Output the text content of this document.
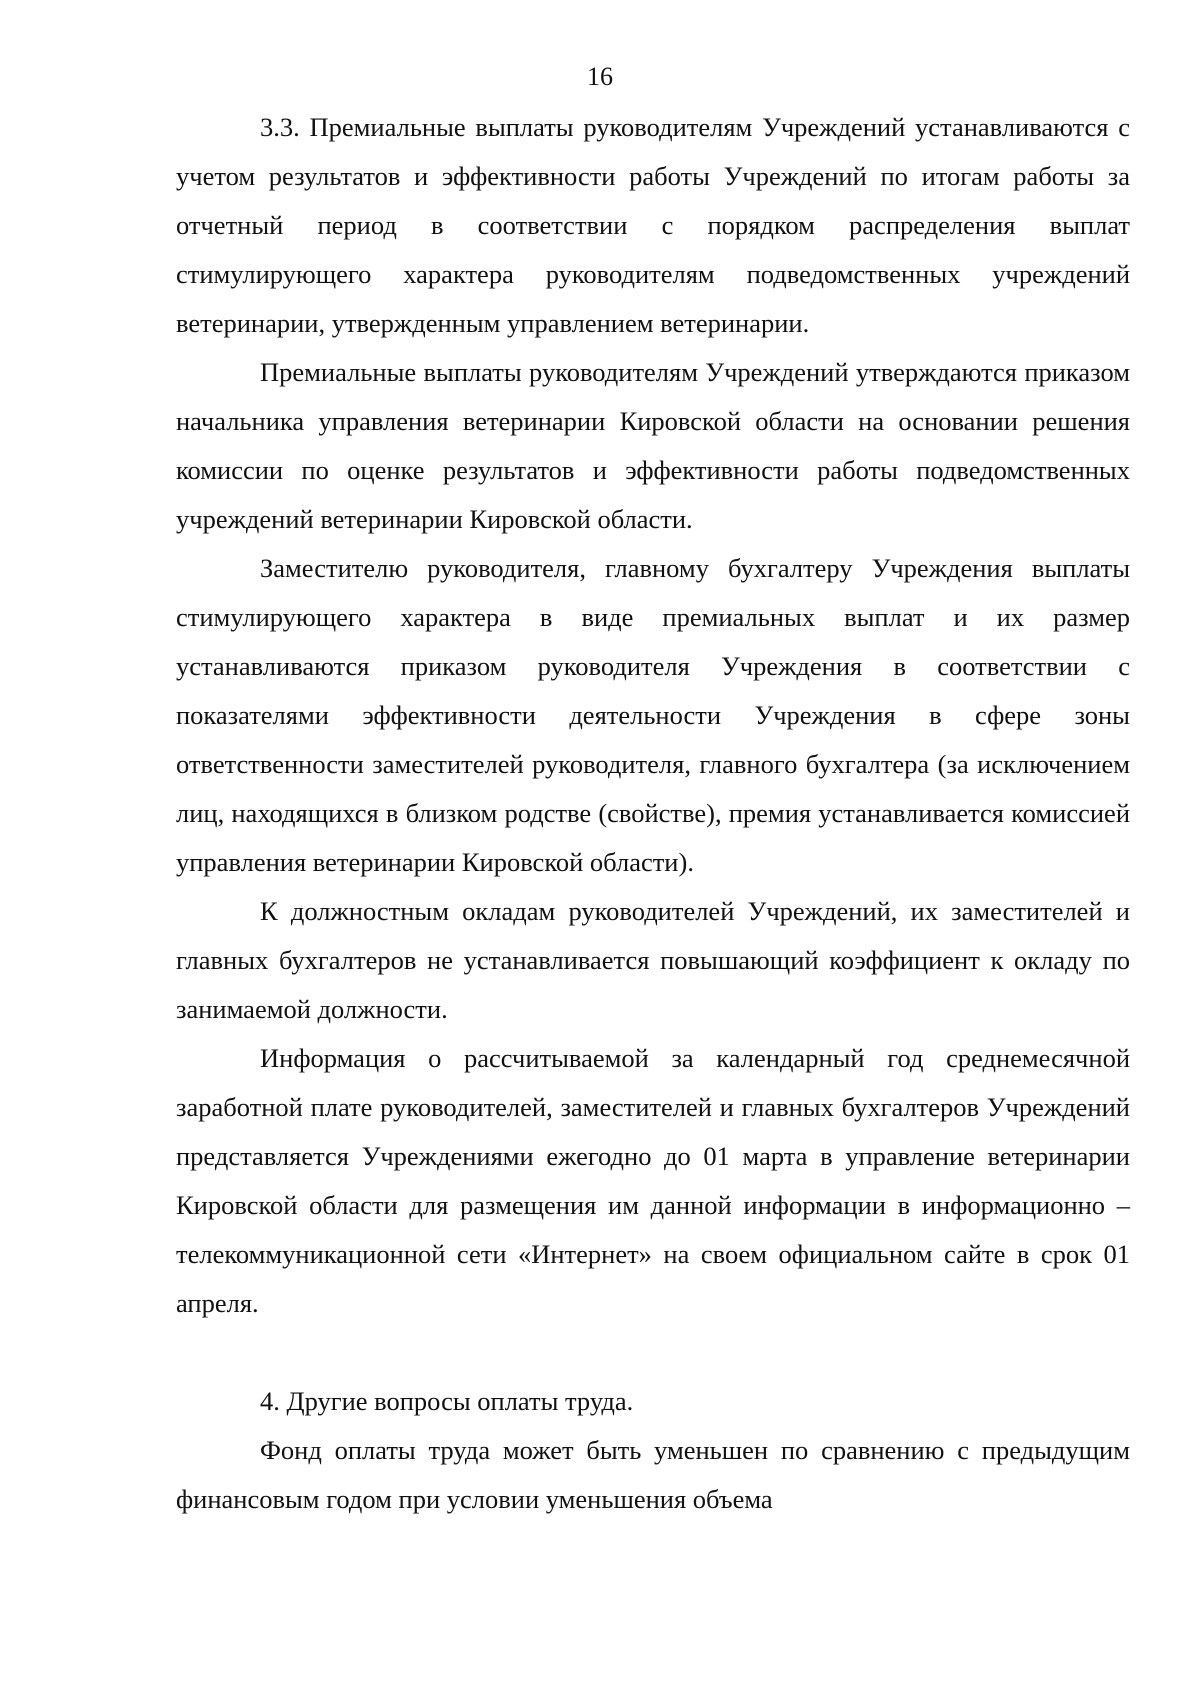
16

3.3. Премиальные выплаты руководителям Учреждений устанавливаются с учетом результатов и эффективности работы Учреждений по итогам работы за отчетный период в соответствии с порядком распределения выплат стимулирующего характера руководителям подведомственных учреждений ветеринарии, утвержденным управлением ветеринарии.

Премиальные выплаты руководителям Учреждений утверждаются приказом начальника управления ветеринарии Кировской области на основании решения комиссии по оценке результатов и эффективности работы подведомственных учреждений ветеринарии Кировской области.

Заместителю руководителя, главному бухгалтеру Учреждения выплаты стимулирующего характера в виде премиальных выплат и их размер устанавливаются приказом руководителя Учреждения в соответствии с показателями эффективности деятельности Учреждения в сфере зоны ответственности заместителей руководителя, главного бухгалтера (за исключением лиц, находящихся в близком родстве (свойстве), премия устанавливается комиссией управления ветеринарии Кировской области).

К должностным окладам руководителей Учреждений, их заместителей и главных бухгалтеров не устанавливается повышающий коэффициент к окладу по занимаемой должности.

Информация о рассчитываемой за календарный год среднемесячной заработной плате руководителей, заместителей и главных бухгалтеров Учреждений представляется Учреждениями ежегодно до 01 марта в управление ветеринарии Кировской области для размещения им данной информации в информационно – телекоммуникационной сети «Интернет» на своем официальном сайте в срок 01 апреля.

4. Другие вопросы оплаты труда.

Фонд оплаты труда может быть уменьшен по сравнению с предыдущим финансовым годом при условии уменьшения объема
